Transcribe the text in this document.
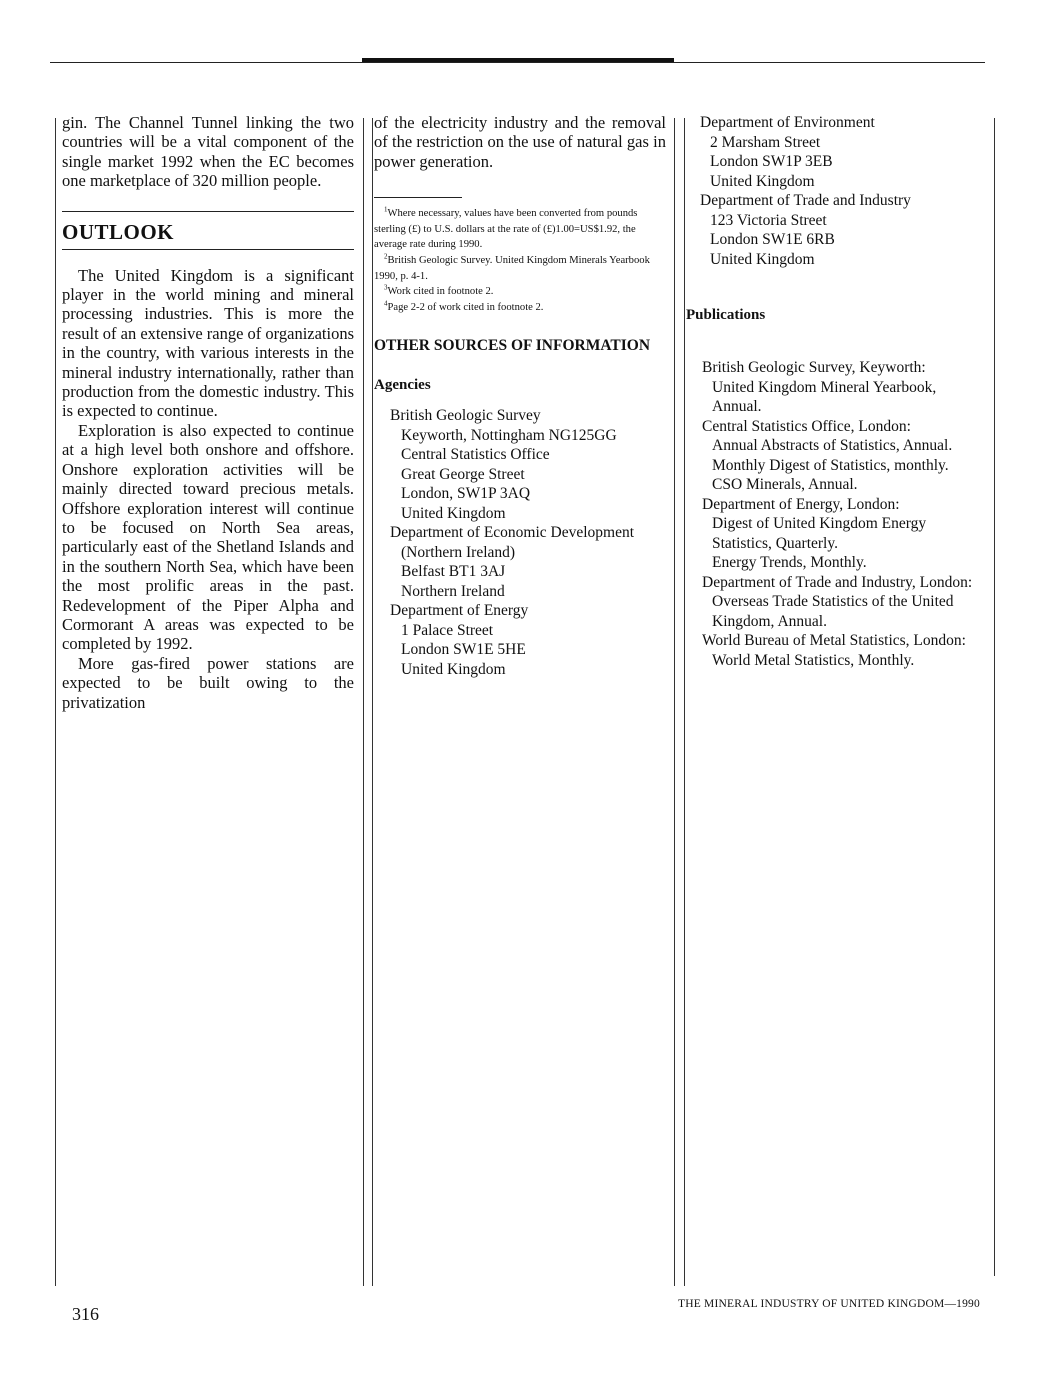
gin. The Channel Tunnel linking the two countries will be a vital component of the single market 1992 when the EC becomes one marketplace of 320 million people.

OUTLOOK

The United Kingdom is a significant player in the world mining and mineral processing industries. This is more the result of an extensive range of organizations in the country, with various interests in the mineral industry internationally, rather than production from the domestic industry. This is expected to continue.

Exploration is also expected to continue at a high level both onshore and offshore. Onshore exploration activities will be mainly directed toward precious metals. Offshore exploration interest will continue to be focused on North Sea areas, particularly east of the Shetland Islands and in the southern North Sea, which have been the most prolific areas in the past. Redevelopment of the Piper Alpha and Cormorant A areas was expected to be completed by 1992.

More gas-fired power stations are expected to be built owing to the privatization

of the electricity industry and the removal of the restriction on the use of natural gas in power generation.

$^1$Where necessary, values have been converted from pounds sterling (£) to U.S. dollars at the rate of (£)1.00=US$1.92, the average rate during 1990.

$^2$British Geologic Survey. United Kingdom Minerals Yearbook 1990, p. 4-1.

$^3$Work cited in footnote 2.

$^4$Page 2-2 of work cited in footnote 2.

OTHER SOURCES OF INFORMATION
Agencies

British Geologic Survey

Keyworth, Nottingham NG125GG

Central Statistics Office

Great George Street

London, SW1P 3AQ

United Kingdom

Department of Economic Development

(Northern Ireland)

Belfast BT1 3AJ

Northern Ireland

Department of Energy

1 Palace Street

London SW1E 5HE

United Kingdom

Department of Environment

2 Marsham Street

London SW1P 3EB

United Kingdom

Department of Trade and Industry

123 Victoria Street

London SW1E 6RB

United Kingdom

Publications

British Geologic Survey, Keyworth:

United Kingdom Mineral Yearbook,

Annual.

Central Statistics Office, London:

Annual Abstracts of Statistics, Annual.

Monthly Digest of Statistics, monthly.

CSO Minerals, Annual.

Department of Energy, London:

Digest of United Kingdom Energy

Statistics, Quarterly.

Energy Trends, Monthly.

Department of Trade and Industry, London:

Overseas Trade Statistics of the United

Kingdom, Annual.

World Bureau of Metal Statistics, London:

World Metal Statistics, Monthly.

316	THE MINERAL INDUSTRY OF UNITED KINGDOM—1990
